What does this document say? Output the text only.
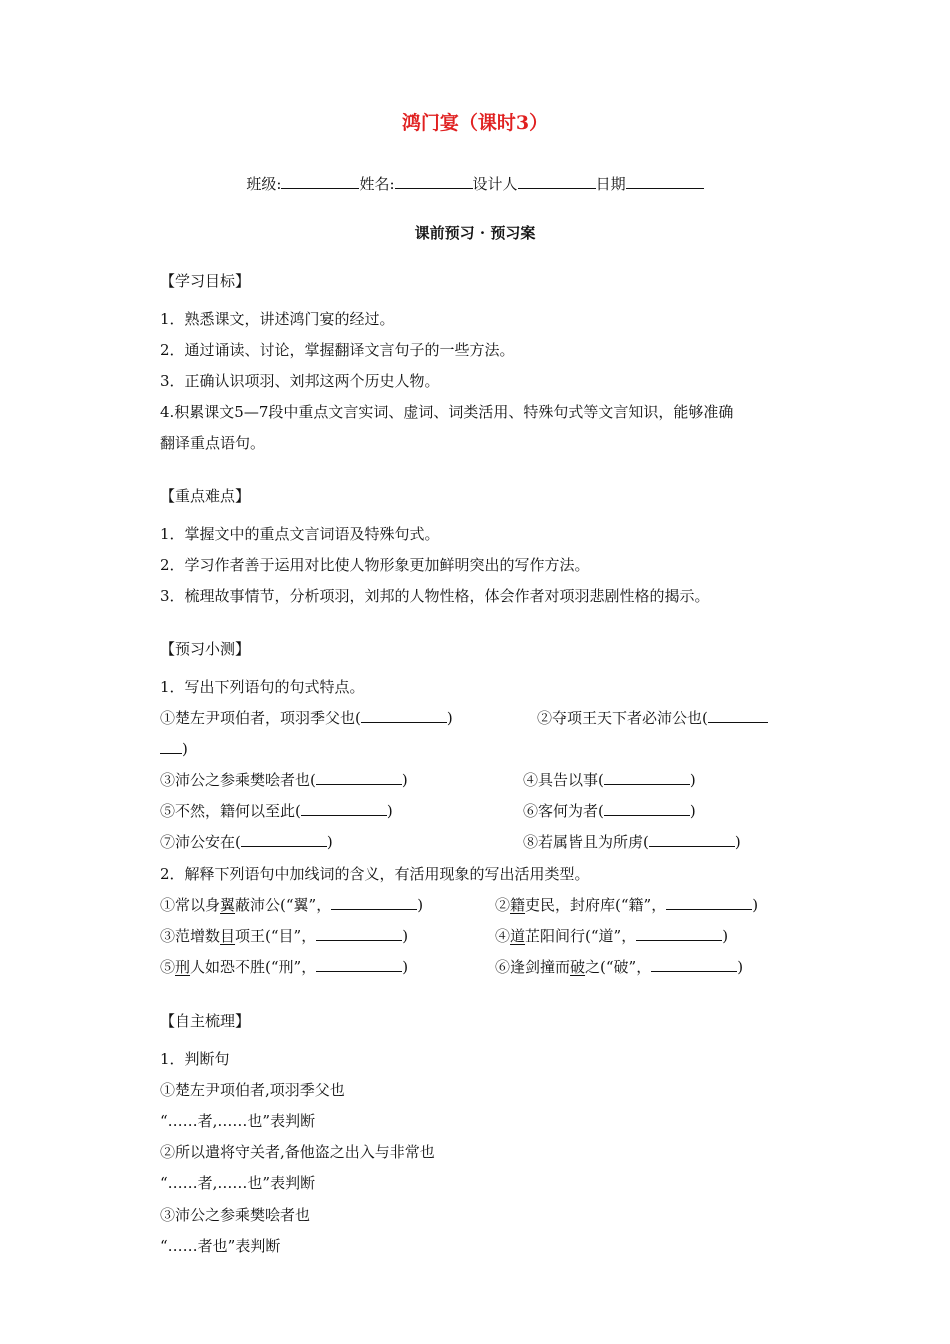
鸿门宴（课时3）
班级:	姓名:	设计人	日期
课前预习 · 预习案
【学习目标】
1．熟悉课文，讲述鸿门宴的经过。
2．通过诵读、讨论，掌握翻译文言句子的一些方法。
3．正确认识项羽、刘邦这两个历史人物。
4.积累课文5—7段中重点文言实词、虚词、词类活用、特殊句式等文言知识，能够准确
翻译重点语句。
【重点难点】
1．掌握文中的重点文言词语及特殊句式。
2．学习作者善于运用对比使人物形象更加鲜明突出的写作方法。
3．梳理故事情节，分析项羽，刘邦的人物性格，体会作者对项羽悲剧性格的揭示。
【预习小测】
1．写出下列语句的句式特点。
①楚左尹项伯者，项羽季父也(	)	②夺项王天下者必沛公也(
)
③沛公之参乘樊哙者也(	)	④具告以事(	)
⑤不然，籍何以至此(	)	⑥客何为者(	)
⑦沛公安在(	)	⑧若属皆且为所虏(	)
2．解释下列语句中加线词的含义，有活用现象的写出活用类型。
①常以身翼蔽沛公(“翼”，	)	②籍吏民，封府库(“籍”，	)
③范增数目项王(“目”，	)	④道芷阳间行(“道”，	)
⑤刑人如恐不胜(“刑”，	)	⑥逢剑撞而破之(“破”，	)
【自主梳理】
1．判断句
①楚左尹项伯者,项羽季父也
“……者,……也”表判断
②所以遣将守关者,备他盗之出入与非常也
“……者,……也”表判断
③沛公之参乘樊哙者也
“……者也”表判断
